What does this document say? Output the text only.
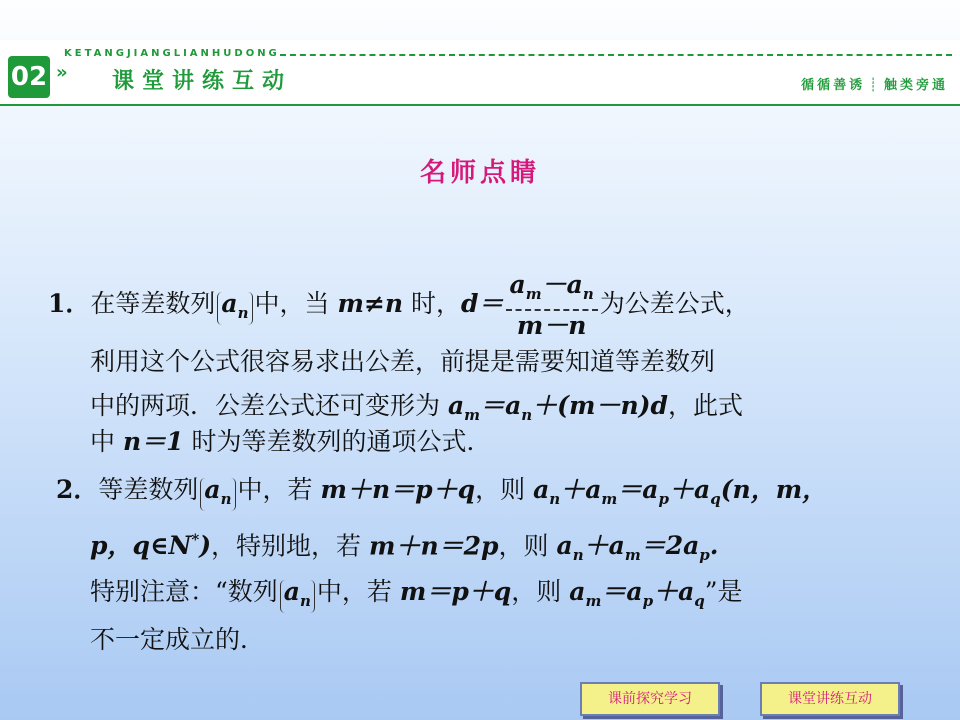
02 »
KETANGJIANGLIANHUDONG
课堂讲练互动	循循善诱 ┊ 触类旁通
名师点睛
1．在等差数列 $a_n$ 中，当 m≠n 时，$d= \frac{a_m-a_n}{m-n}$ 为公差公式，
利用这个公式很容易求出公差，前提是需要知道等差数列
中的两项．公差公式还可变形为 $a_m=a_n+(m-n)d$，此式
中 n＝1 时为等差数列的通项公式．
2．等差数列 $a_n$ 中，若 m＋n＝p＋q，则 $a_n+a_m=a_p+a_q(n$，m，
p，q∈N*)，特别地，若 m＋n＝2p，则 $a_n+a_m=2a_p$.
特别注意：“数列 $a_n$ 中，若 m＝p＋q，则 $a_m=a_p+a_q$”是
不一定成立的．
课前探究学习	课堂讲练互动
